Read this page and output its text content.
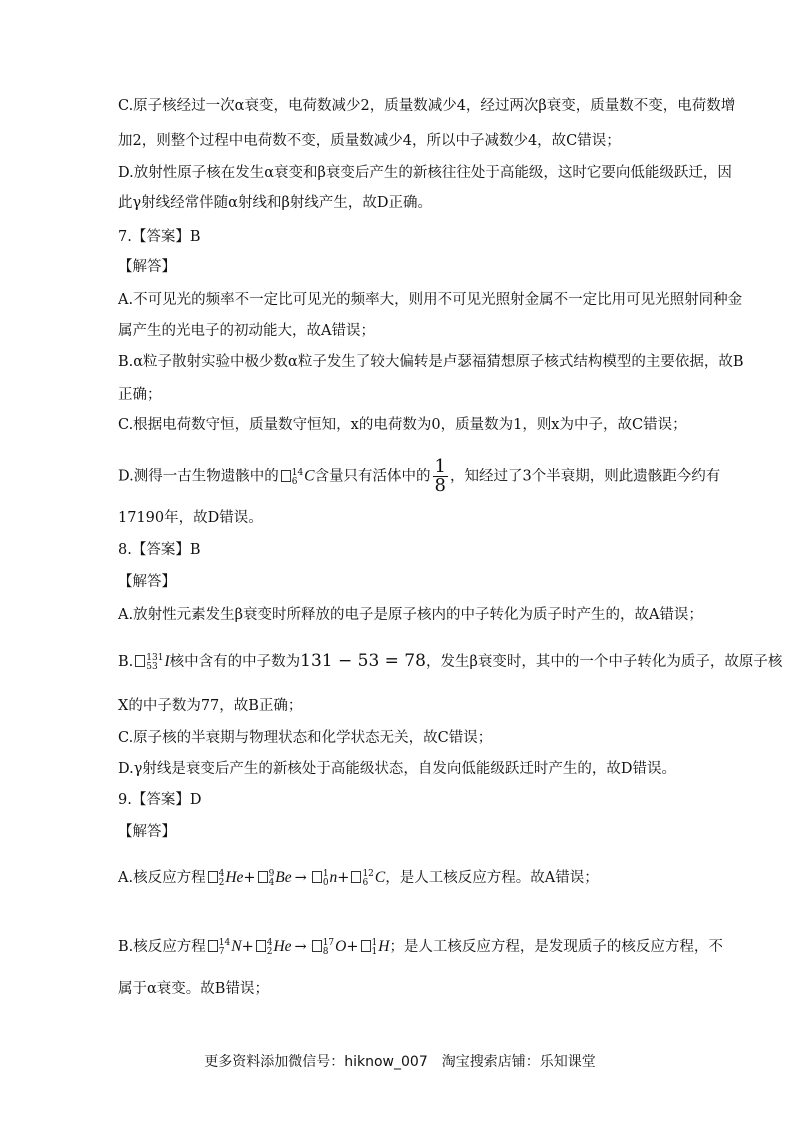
C.原子核经过一次α衰变，电荷数减少2，质量数减少4，经过两次β衰变，质量数不变，电荷数增
加2，则整个过程中电荷数不变，质量数减少4，所以中子减数少4，故C错误；
D.放射性原子核在发生α衰变和β衰变后产生的新核往往处于高能级，这时它要向低能级跃迁，因
此γ射线经常伴随α射线和β射线产生，故D正确。
7.【答案】B
【解答】
A.不可见光的频率不一定比可见光的频率大，则用不可见光照射金属不一定比用可见光照射同种金
属产生的光电子的初动能大，故A错误；
B.α粒子散射实验中极少数α粒子发生了较大偏转是卢瑟福猜想原子核式结构模型的主要依据，故B
正确；
C.根据电荷数守恒，质量数守恒知，x的电荷数为0，质量数为1，则x为中子，故C错误；
D.测得一古生物遗骸中的 14
6 C含量只有活体中的 $\frac{1}{8}$ ，知经过了3个半衰期，则此遗骸距今约有
17190年，故D错误。
8.【答案】B
【解答】
A.放射性元素发生β衰变时所释放的电子是原子核内的中子转化为质子时产生的，故A错误；
B. 131
53 I核中含有的中子数为131 − 53 = 78，发生β衰变时，其中的一个中子转化为质子，故原子核
X的中子数为77，故B正确；
C.原子核的半衰期与物理状态和化学状态无关，故C错误；
D.γ射线是衰变后产生的新核处于高能级状态，自发向低能级跃迁时产生的，故D错误。
9.【答案】D
【解答】
A.核反应方程 4
2 He+ 9
4 Be → 1
0 n+ 12
6 C，是人工核反应方程。故A错误；
B.核反应方程 14
7 N+ 4
2 He → 17
8 O+ 1
1 H；是人工核反应方程，是发现质子的核反应方程，不
属于α衰变。故B错误；
更多资料添加微信号：hiknow_007　淘宝搜索店铺：乐知课堂
